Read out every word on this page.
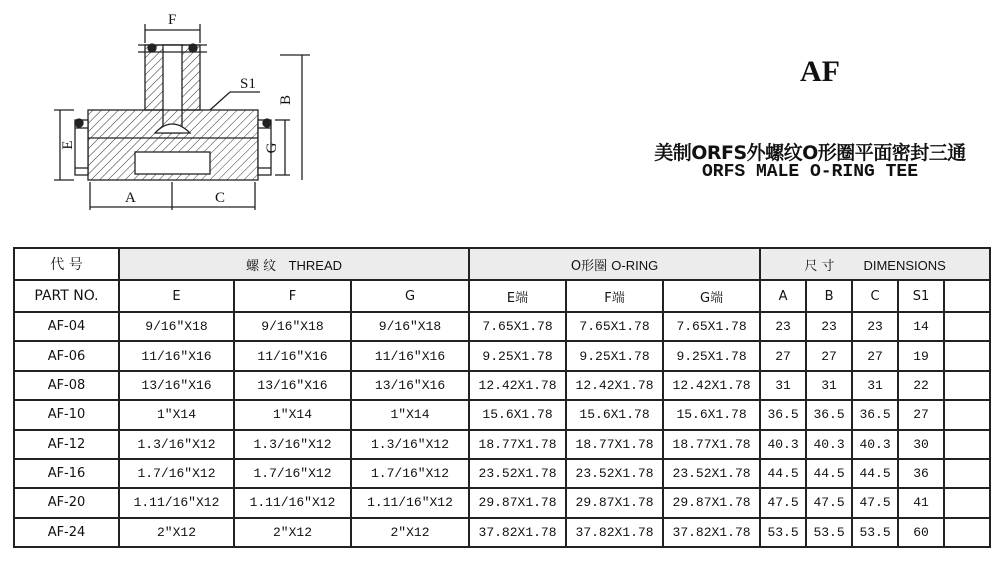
F
S1
B
E	G
A	C
AF
美制ORFS外螺纹O形圈平面密封三通
ORFS MALE O-RING TEE
代 号	螺 纹 THREAD			O形圈 O-RING			尺 寸 DIMENSIONS				
PART NO.	E	F	G	E端	F端	G端	A	B	C	S1	
AF-04	9/16″X18	9/16″X18	9/16″X18	7.65X1.78	7.65X1.78	7.65X1.78	23	23	23	14	
AF-06	11/16″X16	11/16″X16	11/16″X16	9.25X1.78	9.25X1.78	9.25X1.78	27	27	27	19	
AF-08	13/16″X16	13/16″X16	13/16″X16	12.42X1.78	12.42X1.78	12.42X1.78	31	31	31	22	
AF-10	1″X14	1″X14	1″X14	15.6X1.78	15.6X1.78	15.6X1.78	36.5	36.5	36.5	27	
AF-12	1.3/16″X12	1.3/16″X12	1.3/16″X12	18.77X1.78	18.77X1.78	18.77X1.78	40.3	40.3	40.3	30	
AF-16	1.7/16″X12	1.7/16″X12	1.7/16″X12	23.52X1.78	23.52X1.78	23.52X1.78	44.5	44.5	44.5	36	
AF-20	1.11/16″X12	1.11/16″X12	1.11/16″X12	29.87X1.78	29.87X1.78	29.87X1.78	47.5	47.5	47.5	41	
AF-24	2″X12	2″X12	2″X12	37.82X1.78	37.82X1.78	37.82X1.78	53.5	53.5	53.5	60	
